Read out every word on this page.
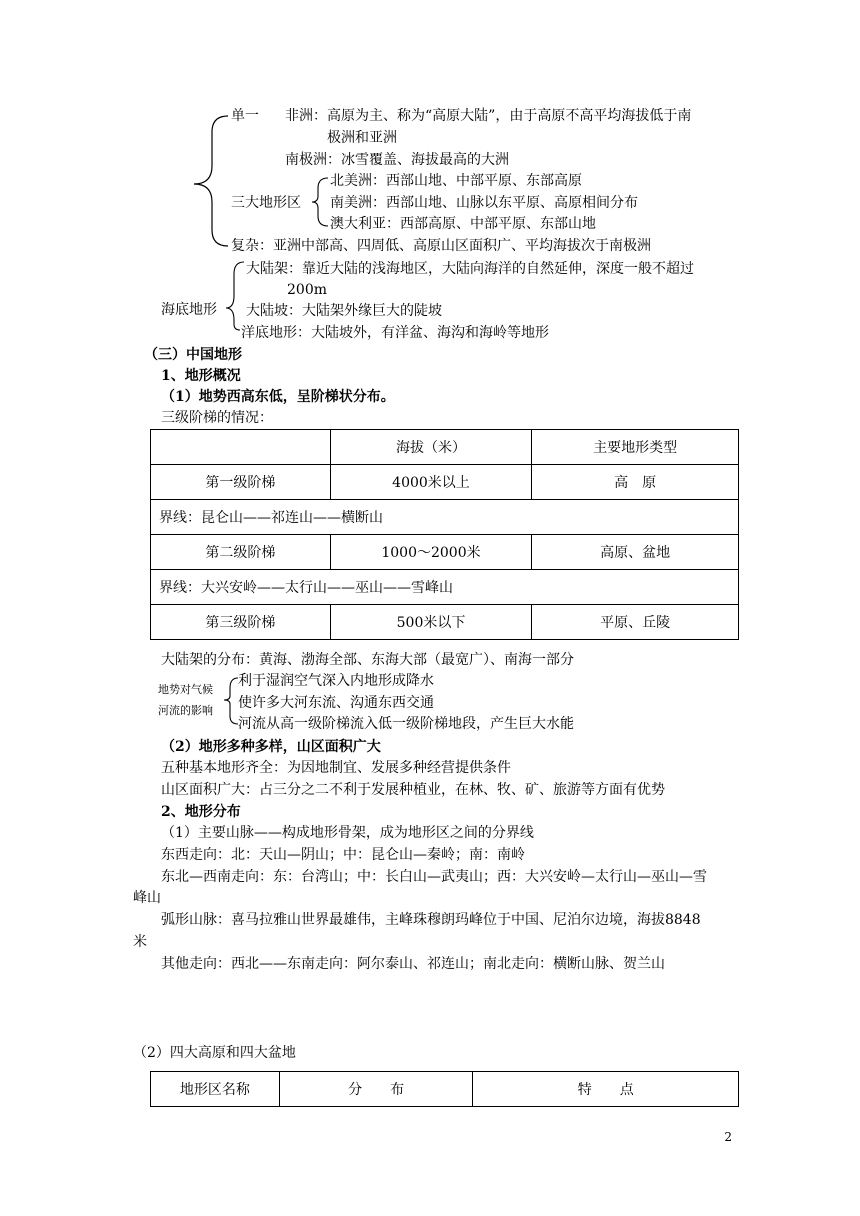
单一 非洲：高原为主、称为“高原大陆”，由于高原不高平均海拔低于南
极洲和亚洲
南极洲：冰雪覆盖、海拔最高的大洲
三大地形区
北美洲：西部山地、中部平原、东部高原
南美洲：西部山地、山脉以东平原、高原相间分布
澳大利亚：西部高原、中部平原、东部山地
复杂：亚洲中部高、四周低、高原山区面积广、平均海拔次于南极洲
海底地形
大陆架：靠近大陆的浅海地区，大陆向海洋的自然延伸，深度一般不超过
200m
大陆坡：大陆架外缘巨大的陡坡
洋底地形：大陆坡外，有洋盆、海沟和海岭等地形
（三）中国地形
1、地形概况
（1）地势西高东低，呈阶梯状分布。
三级阶梯的情况：
	海拔（米）	主要地形类型
第一级阶梯	4000米以上	高　原
界线：昆仑山——祁连山——横断山		
第二级阶梯	1000～2000米	高原、盆地
界线：大兴安岭——太行山——巫山——雪峰山		
第三级阶梯	500米以下	平原、丘陵
大陆架的分布：黄海、渤海全部、东海大部（最宽广）、南海一部分
地势对气候
河流的影响
利于湿润空气深入内地形成降水
使许多大河东流、沟通东西交通
河流从高一级阶梯流入低一级阶梯地段，产生巨大水能
（2）地形多种多样，山区面积广大
五种基本地形齐全：为因地制宜、发展多种经营提供条件
山区面积广大：占三分之二不利于发展种植业，在林、牧、矿、旅游等方面有优势
2、地形分布
（1）主要山脉——构成地形骨架，成为地形区之间的分界线
东西走向：北：天山—阴山；中：昆仑山—秦岭；南：南岭
东北—西南走向：东：台湾山；中：长白山—武夷山；西：大兴安岭—太行山—巫山—雪
峰山
弧形山脉：喜马拉雅山世界最雄伟，主峰珠穆朗玛峰位于中国、尼泊尔边境，海拔8848
米
其他走向：西北——东南走向：阿尔泰山、祁连山；南北走向：横断山脉、贺兰山
（2）四大高原和四大盆地
地形区名称	分　　布	特　　点
2
